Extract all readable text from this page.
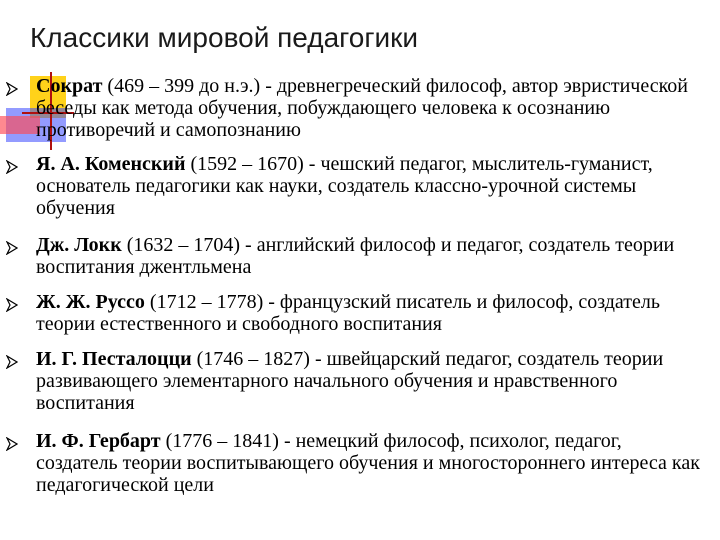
Классики мировой педагогики
Сократ (469 – 399 до н.э.) - древнегреческий философ, автор эвристической беседы как метода обучения, побуждающего человека к осознанию противоречий и самопознанию
Я. А. Коменский (1592 – 1670) - чешский педагог, мыслитель-гуманист, основатель педагогики как науки, создатель классно-урочной системы обучения
Дж. Локк (1632 – 1704) - английский философ и педагог, создатель теории воспитания джентльмена
Ж. Ж. Руссо (1712 – 1778) - французский писатель и философ, создатель теории естественного и свободного воспитания
И. Г. Песталоцци (1746 – 1827) - швейцарский педагог, создатель теории развивающего элементарного начального обучения и нравственного воспитания
И. Ф. Гербарт (1776 – 1841) - немецкий философ, психолог, педагог, создатель теории воспитывающего обучения и многостороннего интереса как педагогической цели
